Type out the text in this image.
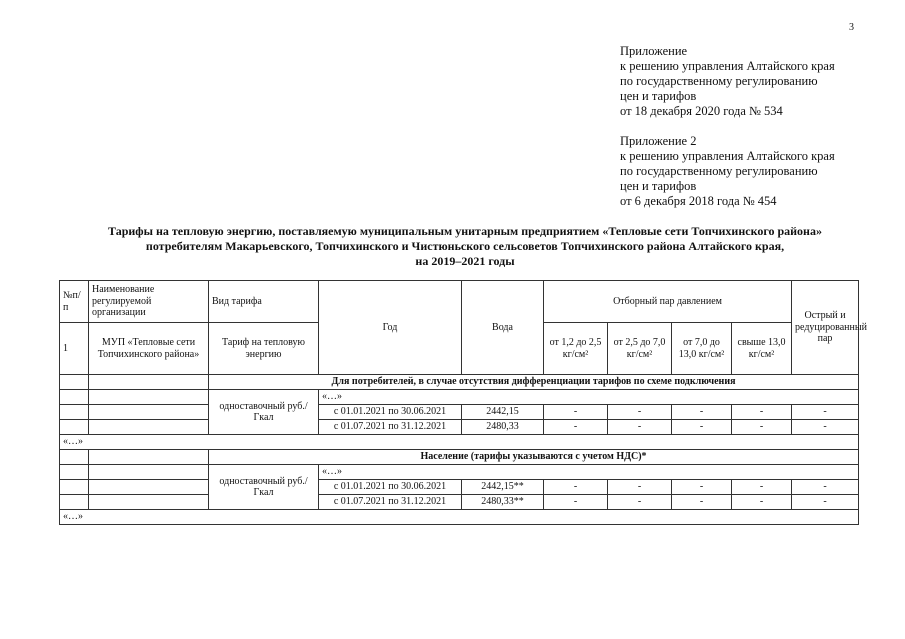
3
Приложение
к решению управления Алтайского края
по государственному регулированию
цен и тарифов
от 18 декабря 2020 года № 534
Приложение 2
к решению управления Алтайского края
по государственному регулированию
цен и тарифов
от 6 декабря 2018 года № 454
Тарифы на тепловую энергию, поставляемую муниципальным унитарным предприятием «Тепловые сети Топчихинского района»
потребителям Макарьевского, Топчихинского и Чистюньского сельсоветов Топчихинского района Алтайского края,
на 2019–2021 годы
№п/п	Наименование регулируемой организации	Вид тарифа	Год	Вода	Отборный пар давлением				Острый и редуцированный пар
1	МУП «Тепловые сети Топчихинского района»	Тариф на тепловую энергию			от 1,2 до 2,5 кг/см²	от 2,5 до 7,0 кг/см²	от 7,0 до 13,0 кг/см²	свыше 13,0 кг/см²	
		Для потребителей, в случае отсутствия дифференциации тарифов по схеме подключения							
		одноставочный руб./Гкал	«…»						
			с 01.01.2021 по 30.06.2021	2442,15	-	-	-	-	-
			с 01.07.2021 по 31.12.2021	2480,33	-	-	-	-	-
«…»									
		Население (тарифы указываются с учетом НДС)*							
		одноставочный руб./Гкал	«…»						
			с 01.01.2021 по 30.06.2021	2442,15**	-	-	-	-	-
			с 01.07.2021 по 31.12.2021	2480,33**	-	-	-	-	-
«…»									
